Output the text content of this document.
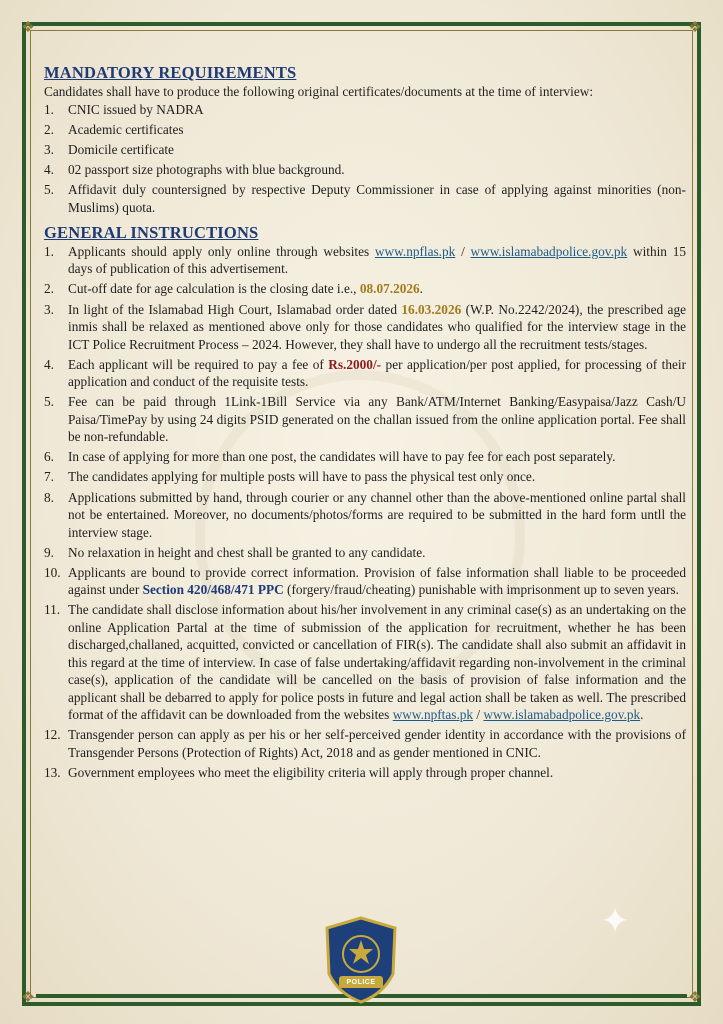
❖	❖
❖	❖
✦
MANDATORY REQUIREMENTS
Candidates shall have to produce the following original certificates/documents at the time of interview:
1.	CNIC issued by NADRA
2.	Academic certificates
3.	Domicile certificate
4.	02 passport size photographs with blue background.
5.	Affidavit duly countersigned by respective Deputy Commissioner in case of applying against minorities (non-Muslims) quota.
GENERAL INSTRUCTIONS
1.	Applicants should apply only online through websites www.npflas.pk / www.islamabadpolice.gov.pk within 15 days of publication of this advertisement.
2.	Cut-off date for age calculation is the closing date i.e., 08.07.2026.
3.	In light of the Islamabad High Court, Islamabad order dated 16.03.2026 (W.P. No.2242/2024), the prescribed age inmis shall be relaxed as mentioned above only for those candidates who qualified for the interview stage in the ICT Police Recruitment Process – 2024. However, they shall have to undergo all the recruitment tests/stages.
4.	Each applicant will be required to pay a fee of Rs.2000/- per application/per post applied, for processing of their application and conduct of the requisite tests.
5.	Fee can be paid through 1Link-1Bill Service via any Bank/ATM/Internet Banking/Easypaisa/Jazz Cash/U Paisa/TimePay by using 24 digits PSID generated on the challan issued from the online application portal. Fee shall be non-refundable.
6.	In case of applying for more than one post, the candidates will have to pay fee for each post separately.
7.	The candidates applying for multiple posts will have to pass the physical test only once.
8.	Applications submitted by hand, through courier or any channel other than the above-mentioned online partal shall not be entertained. Moreover, no documents/photos/forms are required to be submitted in the hard form untll the interview stage.
9.	No relaxation in height and chest shall be granted to any candidate.
10. Applicants are bound to provide correct information. Provision of false information shall liable to be proceeded against under Section 420/468/471 PPC (forgery/fraud/cheating) punishable with imprisonment up to seven years.
11. The candidate shall disclose information about his/her involvement in any criminal case(s) as an undertaking on the online Application Partal at the time of submission of the application for recruitment, whether he has been discharged,challaned, acquitted, convicted or cancellation of FIR(s). The candidate shall also submit an affidavit in this regard at the time of interview. In case of false undertaking/affidavit regarding non-involvement in the criminal case(s), application of the candidate will be cancelled on the basis of provision of false information and the applicant shall be debarred to apply for police posts in future and legal action shall be taken as well. The prescribed format of the affidavit can be downloaded from the websites www.npftas.pk / www.islamabadpolice.gov.pk.
12. Transgender person can apply as per his or her self-perceived gender identity in accordance with the provisions of Transgender Persons (Protection of Rights) Act, 2018 and as gender mentioned in CNIC.
13. Government employees who meet the eligibility criteria will apply through proper channel.
POLICE
